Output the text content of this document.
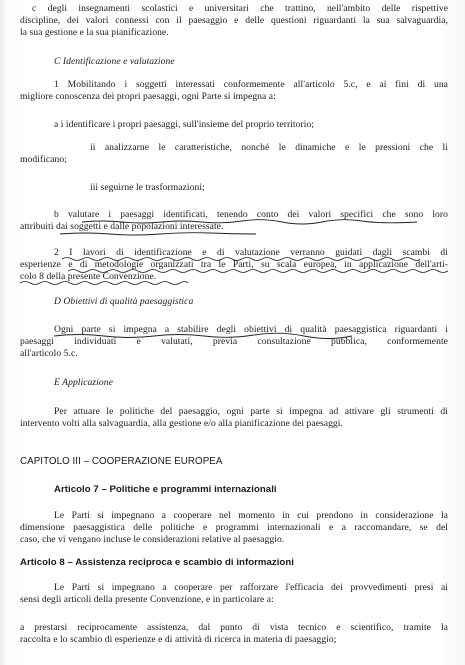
c degli insegnamenti scolastici e universitari che trattino, nell'ambito delle rispettive
discipline, dei valori connessi con il paesaggio e delle questioni riguardanti la sua salvaguardia,
la sua gestione e la sua pianificazione.
C Identificazione e valutazione
1 Mobilitando i soggetti interessati conformemente all'articolo 5.c, e ai fini di una
migliore conoscenza dei propri paesaggi, ogni Parte si impegna a:
a i identificare i propri paesaggi, sull'insieme del proprio territorio;
ii analizzarne le caratteristiche, nonché le dinamiche e le pressioni che li
modificano;
iii seguirne le trasformazioni;
b valutare i paesaggi identificati, tenendo conto dei valori specifici che sono loro
attribuiti dai soggetti e dalle popolazioni interessate.
2 I lavori di identificazione e di valutazione verranno guidati dagli scambi di
esperienze e di metodologie organizzati tra le Parti, su scala europea, in applicazione dell'arti-
colo 8 della presente Convenzione.
D Obiettivi di qualità paesaggistica
Ogni parte si impegna a stabilire degli obiettivi di qualità paesaggistica riguardanti i
paesaggi individuati e valutati, previa consultazione pubblica, conformemente
all'articolo 5.c.
E Applicazione
Per attuare le politiche del paesaggio, ogni parte si impegna ad attivare gli strumenti di
intervento volti alla salvaguardia, alla gestione e/o alla pianificazione dei paesaggi.
CAPITOLO III – COOPERAZIONE EUROPEA
Articolo 7 – Politiche e programmi internazionali
Le Parti si impegnano a cooperare nel momento in cui prendono in considerazione la
dimensione paesaggistica delle politiche e programmi internazionali e a raccomandare, se del
caso, che vi vengano incluse le considerazioni relative al paesaggio.
Articolo 8 – Assistenza reciproca e scambio di informazioni
Le Parti si impegnano a cooperare per rafforzare l'efficacia dei provvedimenti presi ai
sensi degli articoli della presente Convenzione, e in particolare a:
a prestarsi reciprocamente assistenza, dal punto di vista tecnico e scientifico, tramite la
raccolta e lo scambio di esperienze e di attività di ricerca in materia di paesaggio;
